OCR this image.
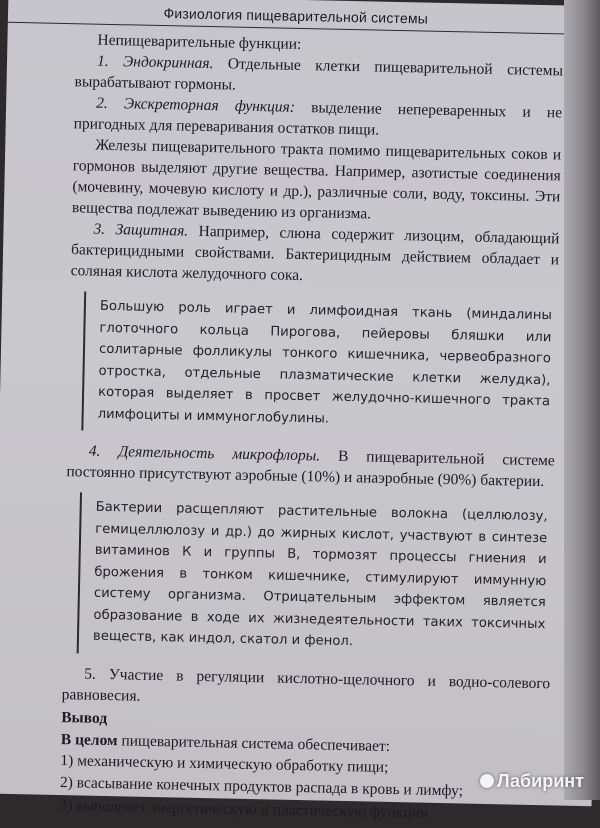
Физиология пищеварительной системы

Непищеварительные функции:

1. Эндокринная. Отдельные клетки пищеварительной системы вырабатывают гормоны.

2. Экскреторная функция: выделение непереваренных и не пригодных для переваривания остатков пищи.

Железы пищеварительного тракта помимо пищеварительных соков и гормонов выделяют другие вещества. Например, азотистые соединения (мочевину, мочевую кислоту и др.), различные соли, воду, токсины. Эти вещества подлежат выведению из организма.

3. Защитная. Например, слюна содержит лизоцим, обладающий бактерицидными свойствами. Бактерицидным действием обладает и соляная кислота желудочного сока.

Большую роль играет и лимфоидная ткань (миндалины глоточного кольца Пирогова, пейеровы бляшки или солитарные фолликулы тонкого кишечника, червеобразного отростка, отдельные плазматические клетки желудка), которая выделяет в просвет желудочно-кишечного тракта лимфоциты и иммуноглобулины.

4. Деятельность микрофлоры. В пищеварительной системе постоянно присутствуют аэробные (10%) и анаэробные (90%) бактерии.

Бактерии расщепляют растительные волокна (целлюлозу, гемицеллюлозу и др.) до жирных кислот, участвуют в синтезе витаминов К и группы В, тормозят процессы гниения и брожения в тонком кишечнике, стимулируют иммунную систему организма. Отрицательным эффектом является образование в ходе их жизнедеятельности таких токсичных веществ, как индол, скатол и фенол.

5. Участие в регуляции кислотно-щелочного и водно-солевого равновесия.

Вывод

В целом пищеварительная система обеспечивает:

1) механическую и химическую обработку пищи;
2) всасывание конечных продуктов распада в кровь и лимфу;
3) выполняет энергетическую и пластическую функции
Лабиринт
